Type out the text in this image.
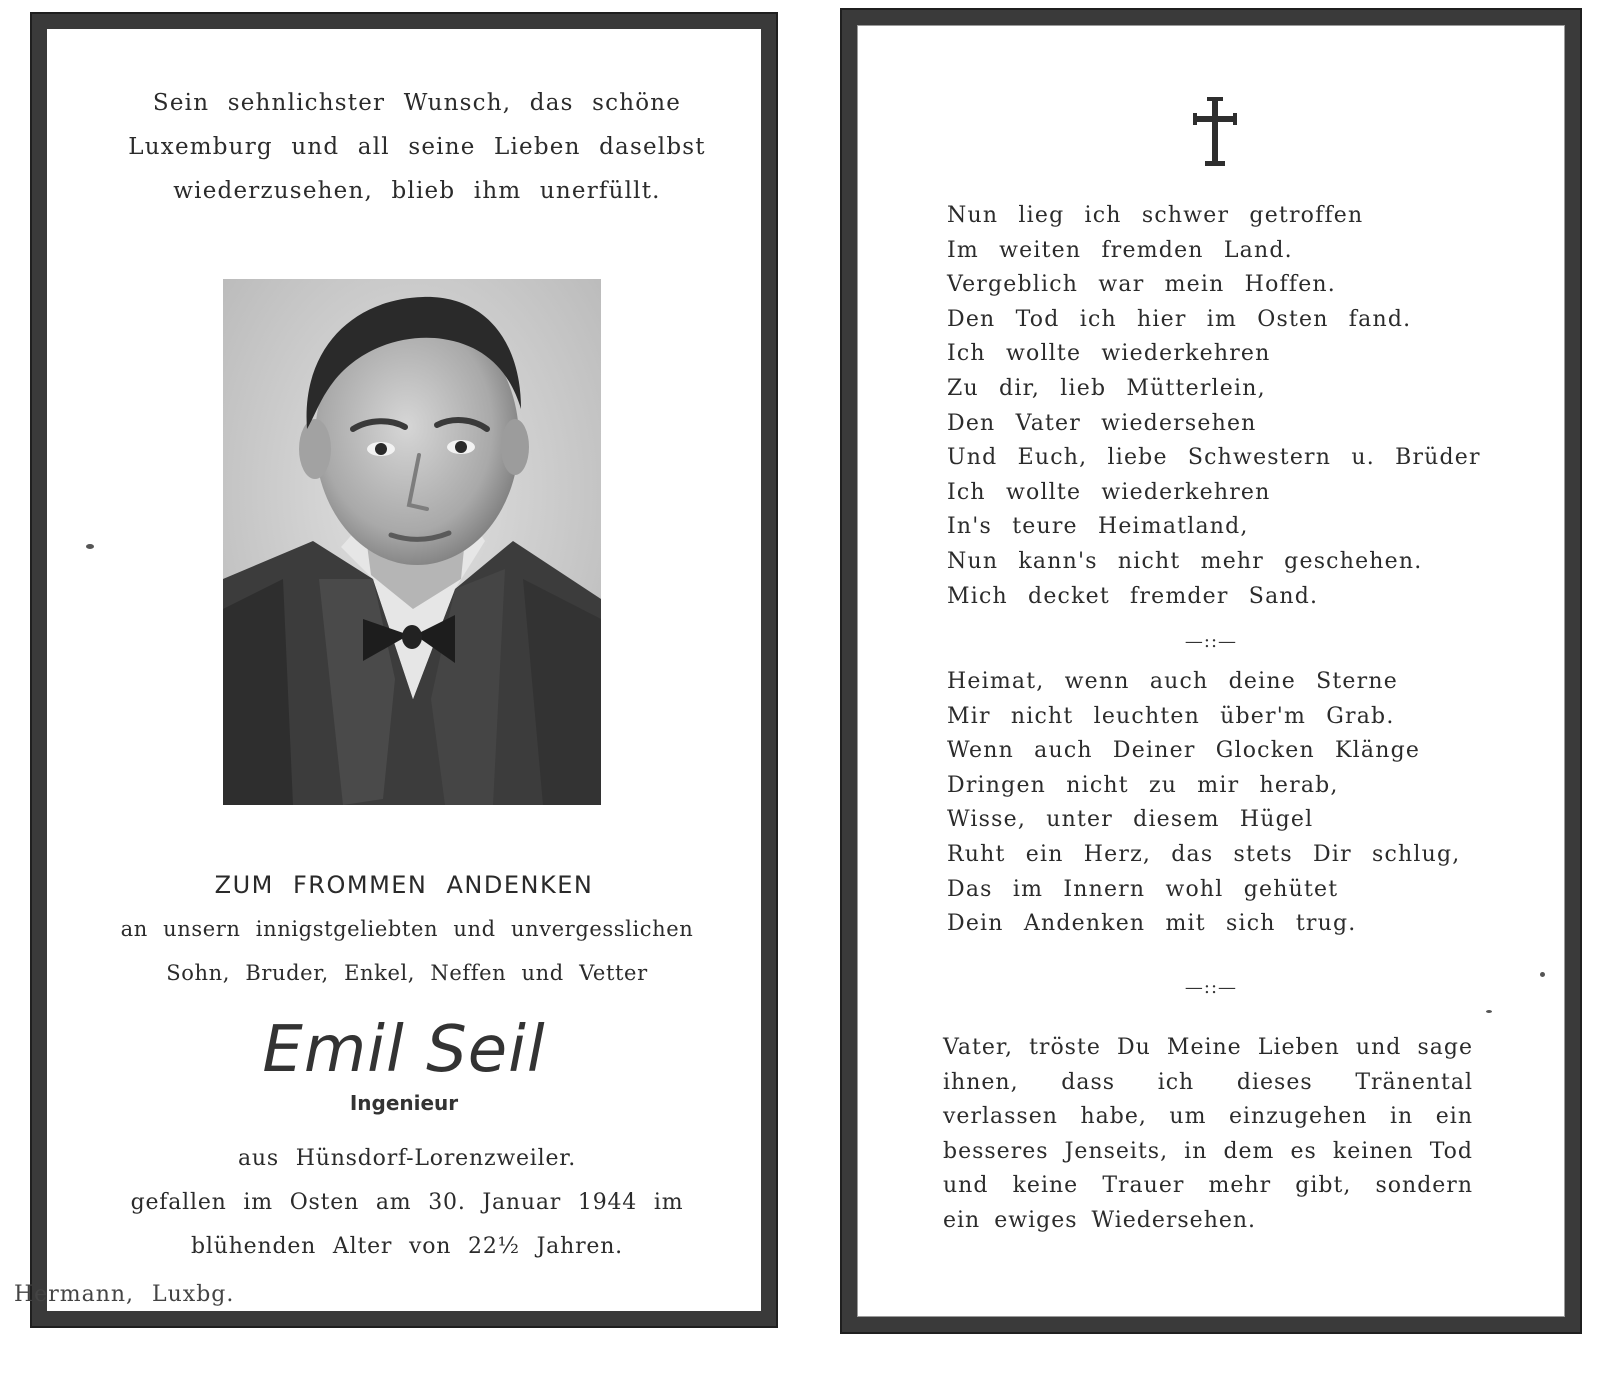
Sein sehnlichster Wunsch, das schöne
Luxemburg und all seine Lieben daselbst
wiederzusehen, blieb ihm unerfüllt.

ZUM FROMMEN ANDENKEN

an unsern innigstgeliebten und unvergesslichen
Sohn, Bruder, Enkel, Neffen und Vetter

Emil Seil

Ingenieur

aus Hünsdorf-Lorenzweiler.
gefallen im Osten am 30. Januar 1944 im
blühenden Alter von 22½ Jahren.

Hermann, Luxbg.

Nun lieg ich schwer getroffen
Im weiten fremden Land.
Vergeblich war mein Hoffen.
Den Tod ich hier im Osten fand.
Ich wollte wiederkehren
Zu dir, lieb Mütterlein,
Den Vater wiedersehen
Und Euch, liebe Schwestern u. Brüder
Ich wollte wiederkehren
In's teure Heimatland,
Nun kann's nicht mehr geschehen.
Mich decket fremder Sand.

—::—

Heimat, wenn auch deine Sterne
Mir nicht leuchten über'm Grab.
Wenn auch Deiner Glocken Klänge
Dringen nicht zu mir herab,
Wisse, unter diesem Hügel
Ruht ein Herz, das stets Dir schlug,
Das im Innern wohl gehütet
Dein Andenken mit sich trug.

—::—

Vater, tröste Du Meine Lieben und sage ihnen, dass ich dieses Tränental verlassen habe, um einzugehen in ein besseres Jenseits, in dem es keinen Tod und keine Trauer mehr gibt, sondern ein ewiges Wiedersehen.
